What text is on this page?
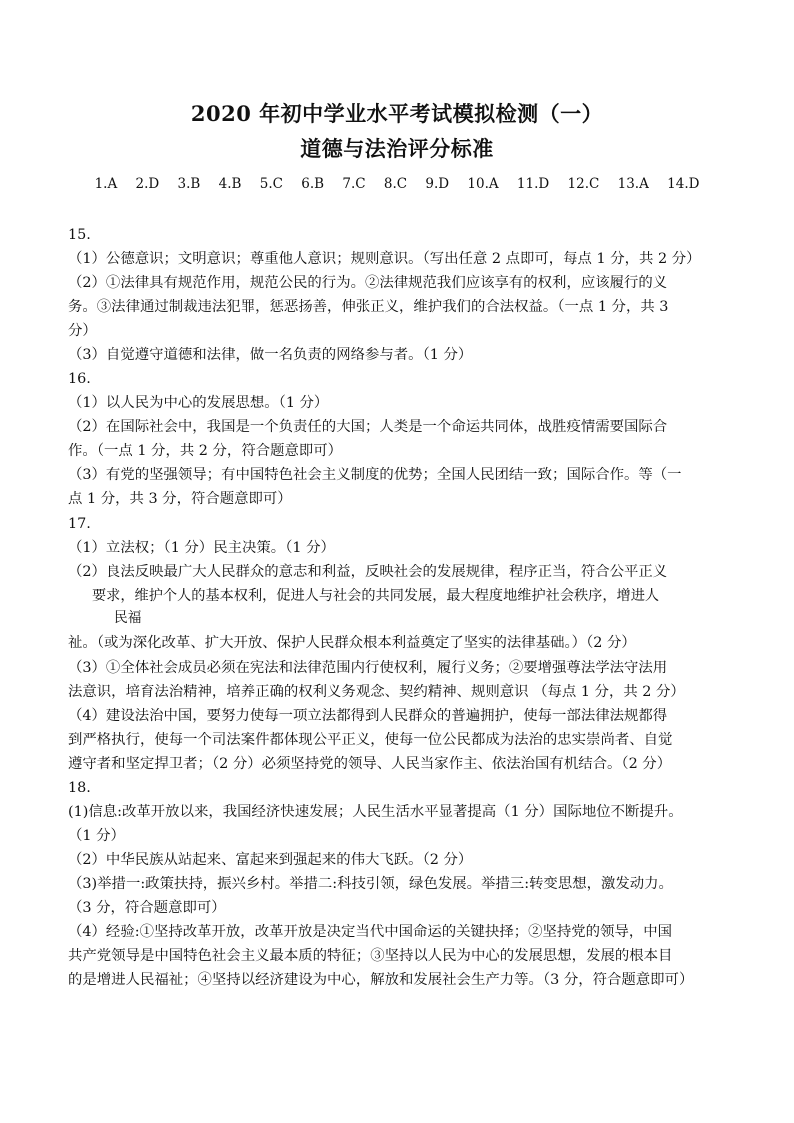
2020 年初中学业水平考试模拟检测（一）
道德与法治评分标准
1.A 2.D 3.B 4.B 5.C 6.B 7.C 8.C 9.D 10.A 11.D 12.C 13.A 14.D
15.
（1）公德意识；文明意识；尊重他人意识；规则意识。（写出任意 2 点即可，每点 1 分，共 2 分）
（2）①法律具有规范作用，规范公民的行为。②法律规范我们应该享有的权利，应该履行的义
务。③法律通过制裁违法犯罪，惩恶扬善，伸张正义，维护我们的合法权益。（一点 1 分，共 3
分）
（3）自觉遵守道德和法律，做一名负责的网络参与者。（1 分）
16.
（1）以人民为中心的发展思想。（1 分）
（2）在国际社会中，我国是一个负责任的大国；人类是一个命运共同体，战胜疫情需要国际合
作。（一点 1 分，共 2 分，符合题意即可）
（3）有党的坚强领导；有中国特色社会主义制度的优势；全国人民团结一致；国际合作。等（一
点 1 分，共 3 分，符合题意即可）
17.
（1）立法权；（1 分）民主决策。（1 分）
（2）良法反映最广大人民群众的意志和利益，反映社会的发展规律，程序正当，符合公平正义
要求，维护个人的基本权利，促进人与社会的共同发展，最大程度地维护社会秩序，增进人
民福
祉。（或为深化改革、扩大开放、保护人民群众根本利益奠定了坚实的法律基础。）（2 分）
（3）①全体社会成员必须在宪法和法律范围内行使权利，履行义务；②要增强尊法学法守法用
法意识，培育法治精神，培养正确的权利义务观念、契约精神、规则意识 （每点 1 分，共 2 分）
（4）建设法治中国，要努力使每一项立法都得到人民群众的普遍拥护，使每一部法律法规都得
到严格执行，使每一个司法案件都体现公平正义，使每一位公民都成为法治的忠实崇尚者、自觉
遵守者和坚定捍卫者；（2 分）必须坚持党的领导、人民当家作主、依法治国有机结合。（2 分）
18.
(1)信息:改革开放以来，我国经济快速发展；人民生活水平显著提高（1 分）国际地位不断提升。
（1 分）
（2）中华民族从站起来、富起来到强起来的伟大飞跃。（2 分）
（3)举措一:政策扶持，振兴乡村。举措二:科技引领，绿色发展。举措三:转变思想，激发动力。
（3 分，符合题意即可）
（4）经验:①坚持改革开放，改革开放是决定当代中国命运的关键抉择；②坚持党的领导，中国
共产党领导是中国特色社会主义最本质的特征；③坚持以人民为中心的发展思想，发展的根本目
的是增进人民福祉；④坚持以经济建设为中心，解放和发展社会生产力等。（3 分，符合题意即可）
